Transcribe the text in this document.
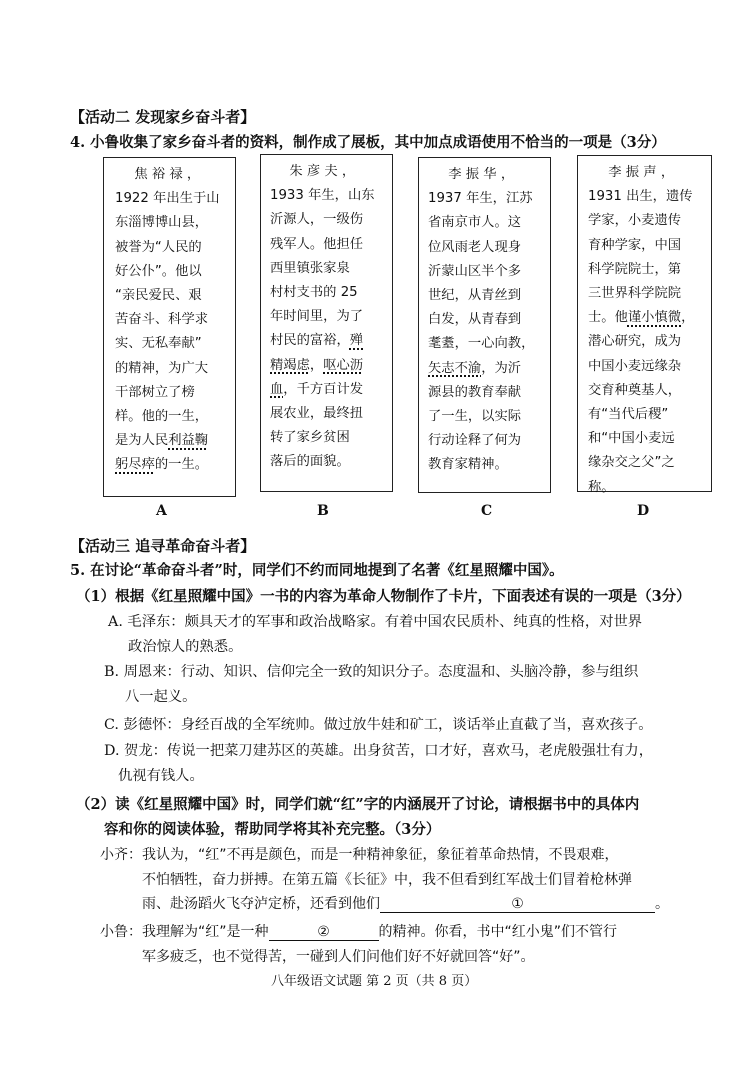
【活动二 发现家乡奋斗者】
4. 小鲁收集了家乡奋斗者的资料，制作成了展板，其中加点成语使用不恰当的一项是（3分）
焦 裕 禄 ，
1922 年出生于山
东淄博博山县，
被誉为“人民的
好公仆”。他以
“亲民爱民、艰
苦奋斗、科学求
实、无私奉献”
的精神，为广大
干部树立了榜
样。他的一生，
是为人民利益鞠
躬尽瘁的一生。
朱 彦 夫 ，
1933 年生，山东
沂源人，一级伤
残军人。他担任
西里镇张家泉
村村支书的 25
年时间里，为了
村民的富裕，殚
精竭虑，呕心沥
血，千方百计发
展农业，最终扭
转了家乡贫困
落后的面貌。
李 振 华 ，
1937 年生，江苏
省南京市人。这
位风雨老人现身
沂蒙山区半个多
世纪，从青丝到
白发，从青春到
耄耋，一心向教，
矢志不渝，为沂
源县的教育奉献
了一生，以实际
行动诠释了何为
教育家精神。
李 振 声 ，
1931 出生，遗传
学家，小麦遗传
育种学家，中国
科学院院士，第
三世界科学院院
士。他谨小慎微，
潜心研究，成为
中国小麦远缘杂
交育种奠基人，
有“当代后稷”
和“中国小麦远
缘杂交之父”之
称。
A	B	C	D
【活动三 追寻革命奋斗者】
5. 在讨论“革命奋斗者”时，同学们不约而同地提到了名著《红星照耀中国》。
（1）根据《红星照耀中国》一书的内容为革命人物制作了卡片，下面表述有误的一项是（3分）
A. 毛泽东：颇具天才的军事和政治战略家。有着中国农民质朴、纯真的性格，对世界
政治惊人的熟悉。
B. 周恩来：行动、知识、信仰完全一致的知识分子。态度温和、头脑冷静，参与组织
八一起义。
C. 彭德怀：身经百战的全军统帅。做过放牛娃和矿工，谈话举止直截了当，喜欢孩子。
D. 贺龙：传说一把菜刀建苏区的英雄。出身贫苦，口才好，喜欢马，老虎般强壮有力，
仇视有钱人。
（2）读《红星照耀中国》时，同学们就“红”字的内涵展开了讨论，请根据书中的具体内
容和你的阅读体验，帮助同学将其补充完整。（3分）
小齐：我认为，“红”不再是颜色，而是一种精神象征，象征着革命热情，不畏艰难，
不怕牺牲，奋力拼搏。在第五篇《长征》中，我不但看到红军战士们冒着枪林弹
雨、赴汤蹈火飞夺泸定桥，还看到他们	①	。
小鲁：我理解为“红”是一种	②	的精神。你看，书中“红小鬼”们不管行
军多疲乏，也不觉得苦，一碰到人们问他们好不好就回答“好”。
八年级语文试题 第 2 页（共 8 页）
